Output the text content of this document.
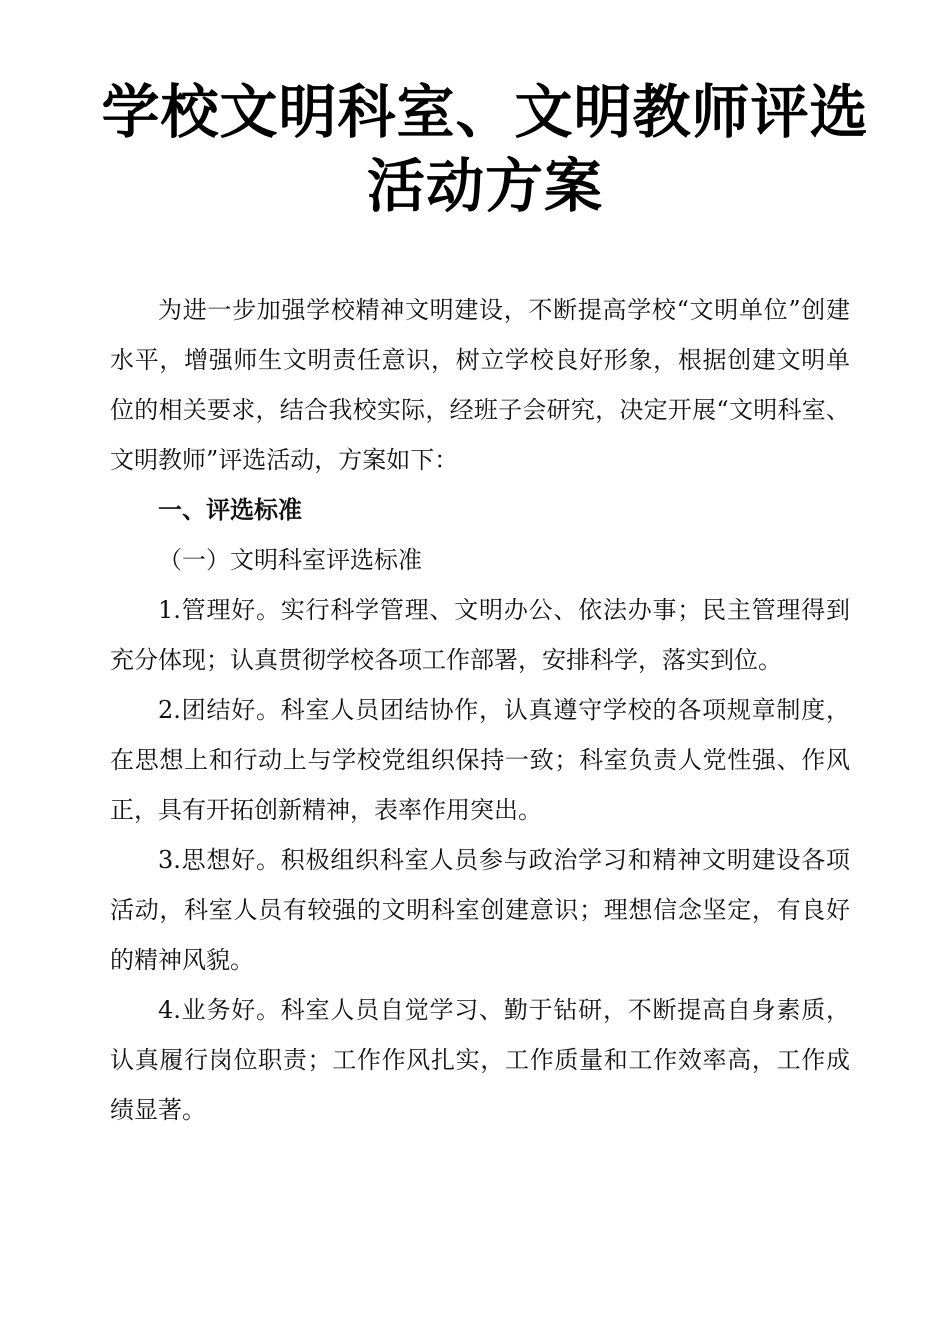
学校文明科室、文明教师评选
活动方案

为进一步加强学校精神文明建设，不断提高学校“文明单位”创建水平，增强师生文明责任意识，树立学校良好形象，根据创建文明单位的相关要求，结合我校实际，经班子会研究，决定开展“文明科室、文明教师”评选活动，方案如下：

一、评选标准

（一）文明科室评选标准

1.管理好。实行科学管理、文明办公、依法办事；民主管理得到充分体现；认真贯彻学校各项工作部署，安排科学，落实到位。

2.团结好。科室人员团结协作，认真遵守学校的各项规章制度，在思想上和行动上与学校党组织保持一致；科室负责人党性强、作风正，具有开拓创新精神，表率作用突出。

3.思想好。积极组织科室人员参与政治学习和精神文明建设各项活动，科室人员有较强的文明科室创建意识；理想信念坚定，有良好的精神风貌。

4.业务好。科室人员自觉学习、勤于钻研，不断提高自身素质，认真履行岗位职责；工作作风扎实，工作质量和工作效率高，工作成绩显著。
